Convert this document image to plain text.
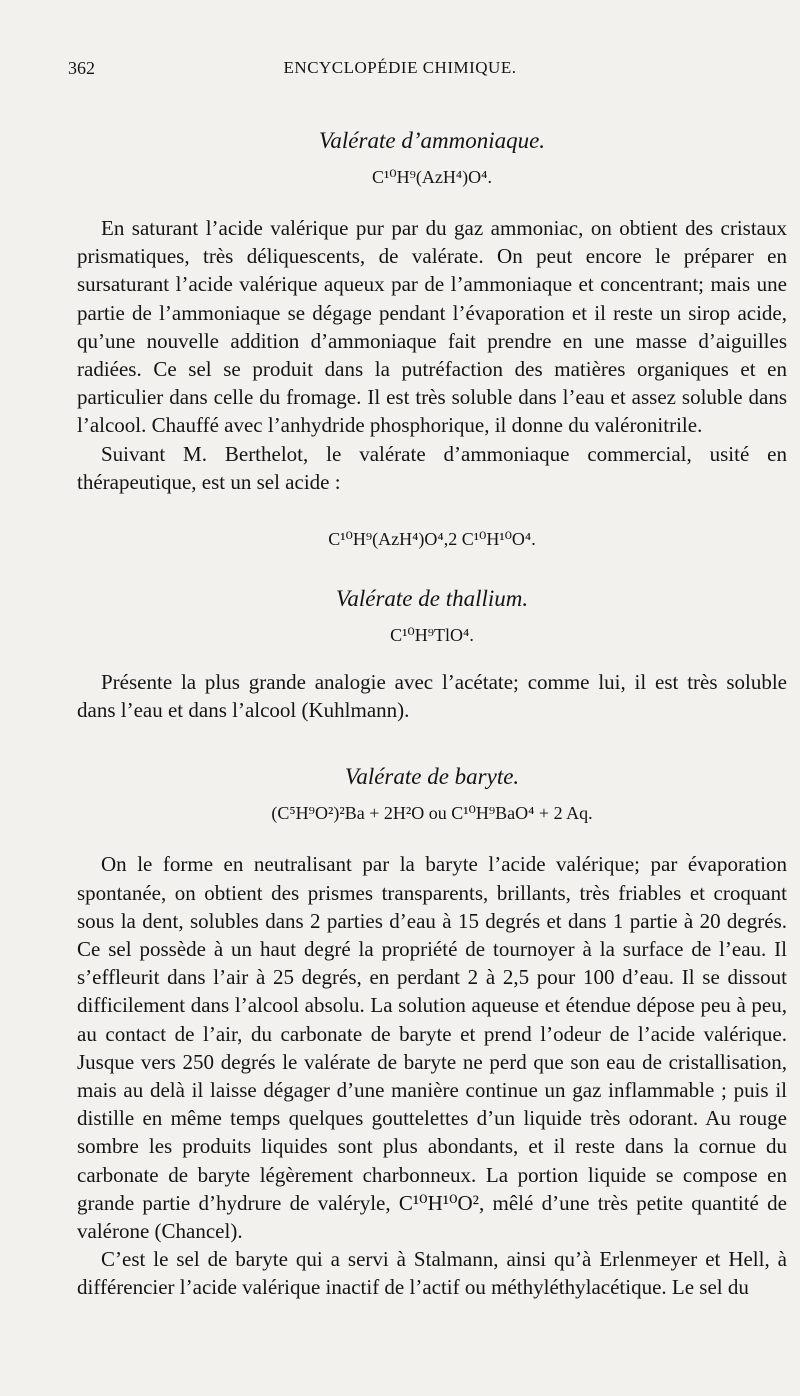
362	ENCYCLOPÉDIE CHIMIQUE.
Valérate d’ammoniaque.
C¹⁰H⁹(AzH⁴)O⁴.

En saturant l’acide valérique pur par du gaz ammoniac, on obtient des cristaux prismatiques, très déliquescents, de valérate. On peut encore le préparer en sursaturant l’acide valérique aqueux par de l’ammoniaque et concentrant; mais une partie de l’ammoniaque se dégage pendant l’évaporation et il reste un sirop acide, qu’une nouvelle addition d’ammoniaque fait prendre en une masse d’aiguilles radiées. Ce sel se produit dans la putréfaction des matières organiques et en particulier dans celle du fromage. Il est très soluble dans l’eau et assez soluble dans l’alcool. Chauffé avec l’anhydride phosphorique, il donne du valéronitrile.

Suivant M. Berthelot, le valérate d’ammoniaque commercial, usité en thérapeutique, est un sel acide :

C¹⁰H⁹(AzH⁴)O⁴,2 C¹⁰H¹⁰O⁴.
Valérate de thallium.
C¹⁰H⁹TlO⁴.

Présente la plus grande analogie avec l’acétate; comme lui, il est très soluble dans l’eau et dans l’alcool (Kuhlmann).

Valérate de baryte.
(C⁵H⁹O²)²Ba + 2H²O ou C¹⁰H⁹BaO⁴ + 2 Aq.

On le forme en neutralisant par la baryte l’acide valérique; par évaporation spontanée, on obtient des prismes transparents, brillants, très friables et croquant sous la dent, solubles dans 2 parties d’eau à 15 degrés et dans 1 partie à 20 degrés. Ce sel possède à un haut degré la propriété de tournoyer à la surface de l’eau. Il s’effleurit dans l’air à 25 degrés, en perdant 2 à 2,5 pour 100 d’eau. Il se dissout difficilement dans l’alcool absolu. La solution aqueuse et étendue dépose peu à peu, au contact de l’air, du carbonate de baryte et prend l’odeur de l’acide valérique. Jusque vers 250 degrés le valérate de baryte ne perd que son eau de cristallisation, mais au delà il laisse dégager d’une manière continue un gaz inflammable ; puis il distille en même temps quelques gouttelettes d’un liquide très odorant. Au rouge sombre les produits liquides sont plus abondants, et il reste dans la cornue du carbonate de baryte légèrement charbonneux. La portion liquide se compose en grande partie d’hydrure de valéryle, C¹⁰H¹⁰O², mêlé d’une très petite quantité de valérone (Chancel).

C’est le sel de baryte qui a servi à Stalmann, ainsi qu’à Erlenmeyer et Hell, à différencier l’acide valérique inactif de l’actif ou méthyléthylacétique. Le sel du
